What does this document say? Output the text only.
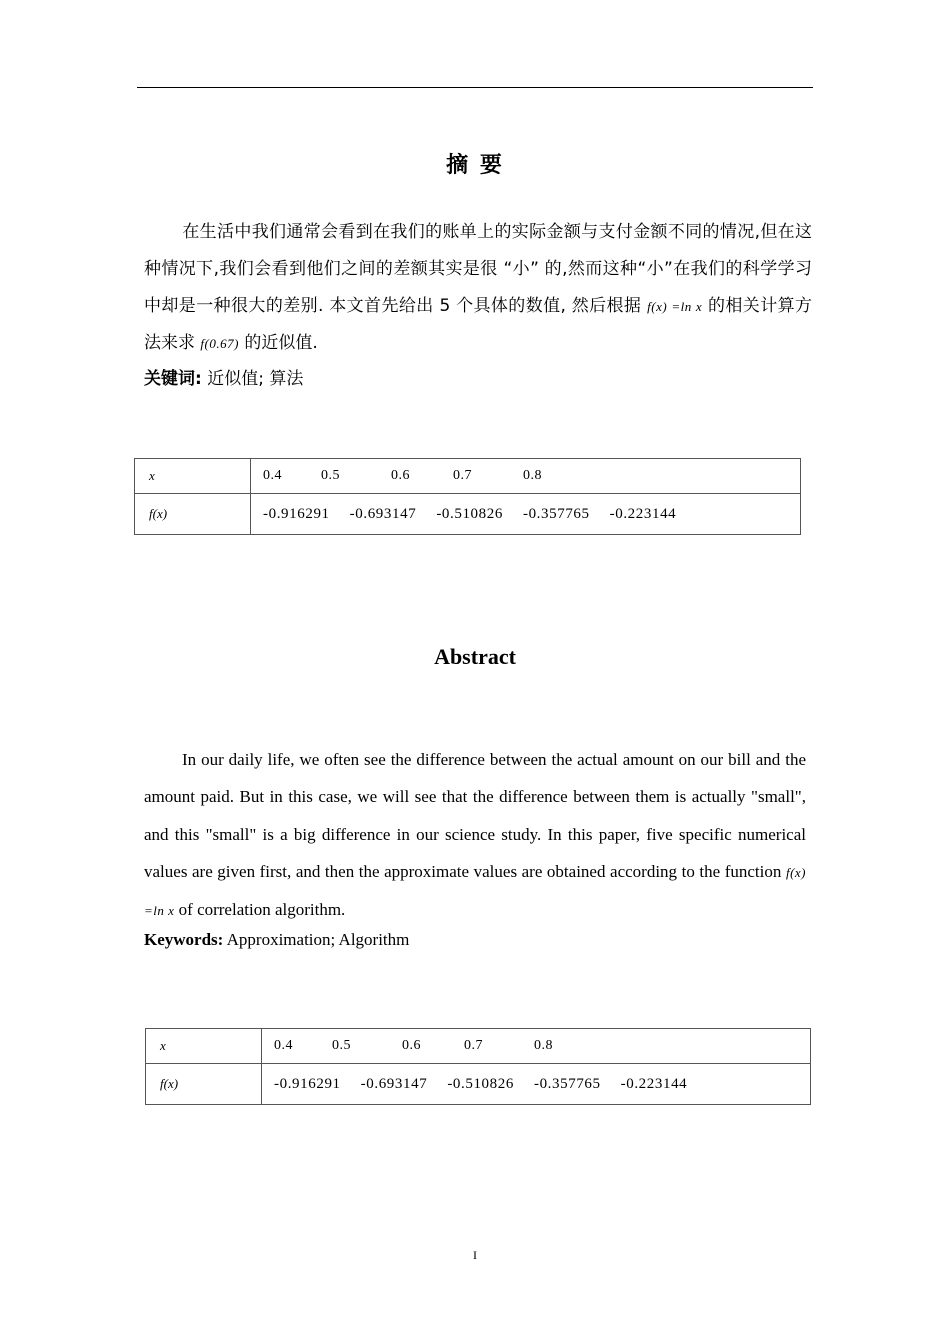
摘 要
在生活中我们通常会看到在我们的账单上的实际金额与支付金额不同的情况,但在这种情况下,我们会看到他们之间的差额其实是很 “小” 的,然而这种“小”在我们的科学学习中却是一种很大的差别. 本文首先给出 5 个具体的数值, 然后根据 f(x) =ln x 的相关计算方法来求 f(0.67) 的近似值.
关键词: 近似值; 算法
x	0.4 0.5 0.6 0.7 0.8

f(x)	-0.916291 -0.693147 -0.510826 -0.357765 -0.223144
Abstract
In our daily life, we often see the difference between the actual amount on our bill and the amount paid. But in this case, we will see that the difference between them is actually "small", and this "small" is a big difference in our science study. In this paper, five specific numerical values are given first, and then the approximate values are obtained according to the function f(x) =ln x of correlation algorithm.
Keywords: Approximation; Algorithm
x	0.4 0.5 0.6 0.7 0.8

f(x)	-0.916291 -0.693147 -0.510826 -0.357765 -0.223144
I
